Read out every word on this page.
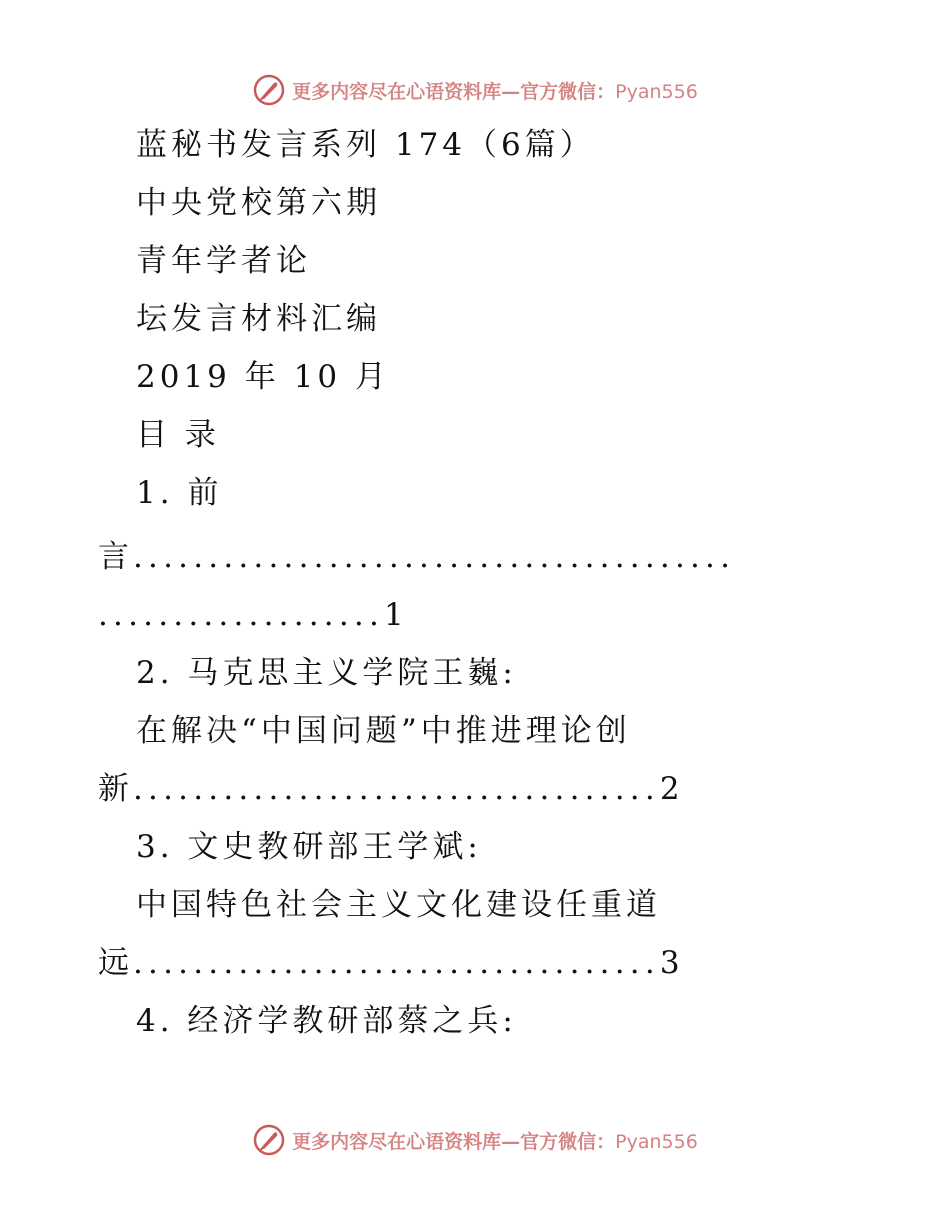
更多内容尽在心语资料库—官方微信：Pyan556
蓝秘书发言系列 174（6篇）
中央党校第六期
青年学者论
坛发言材料汇编
2019 年 10 月
目 录
1. 前
言........................................
...................1
2. 马克思主义学院王巍:
在解决“中国问题”中推进理论创
新...................................2
3. 文史教研部王学斌:
中国特色社会主义文化建设任重道
远...................................3
4. 经济学教研部蔡之兵:
更多内容尽在心语资料库—官方微信：Pyan556
